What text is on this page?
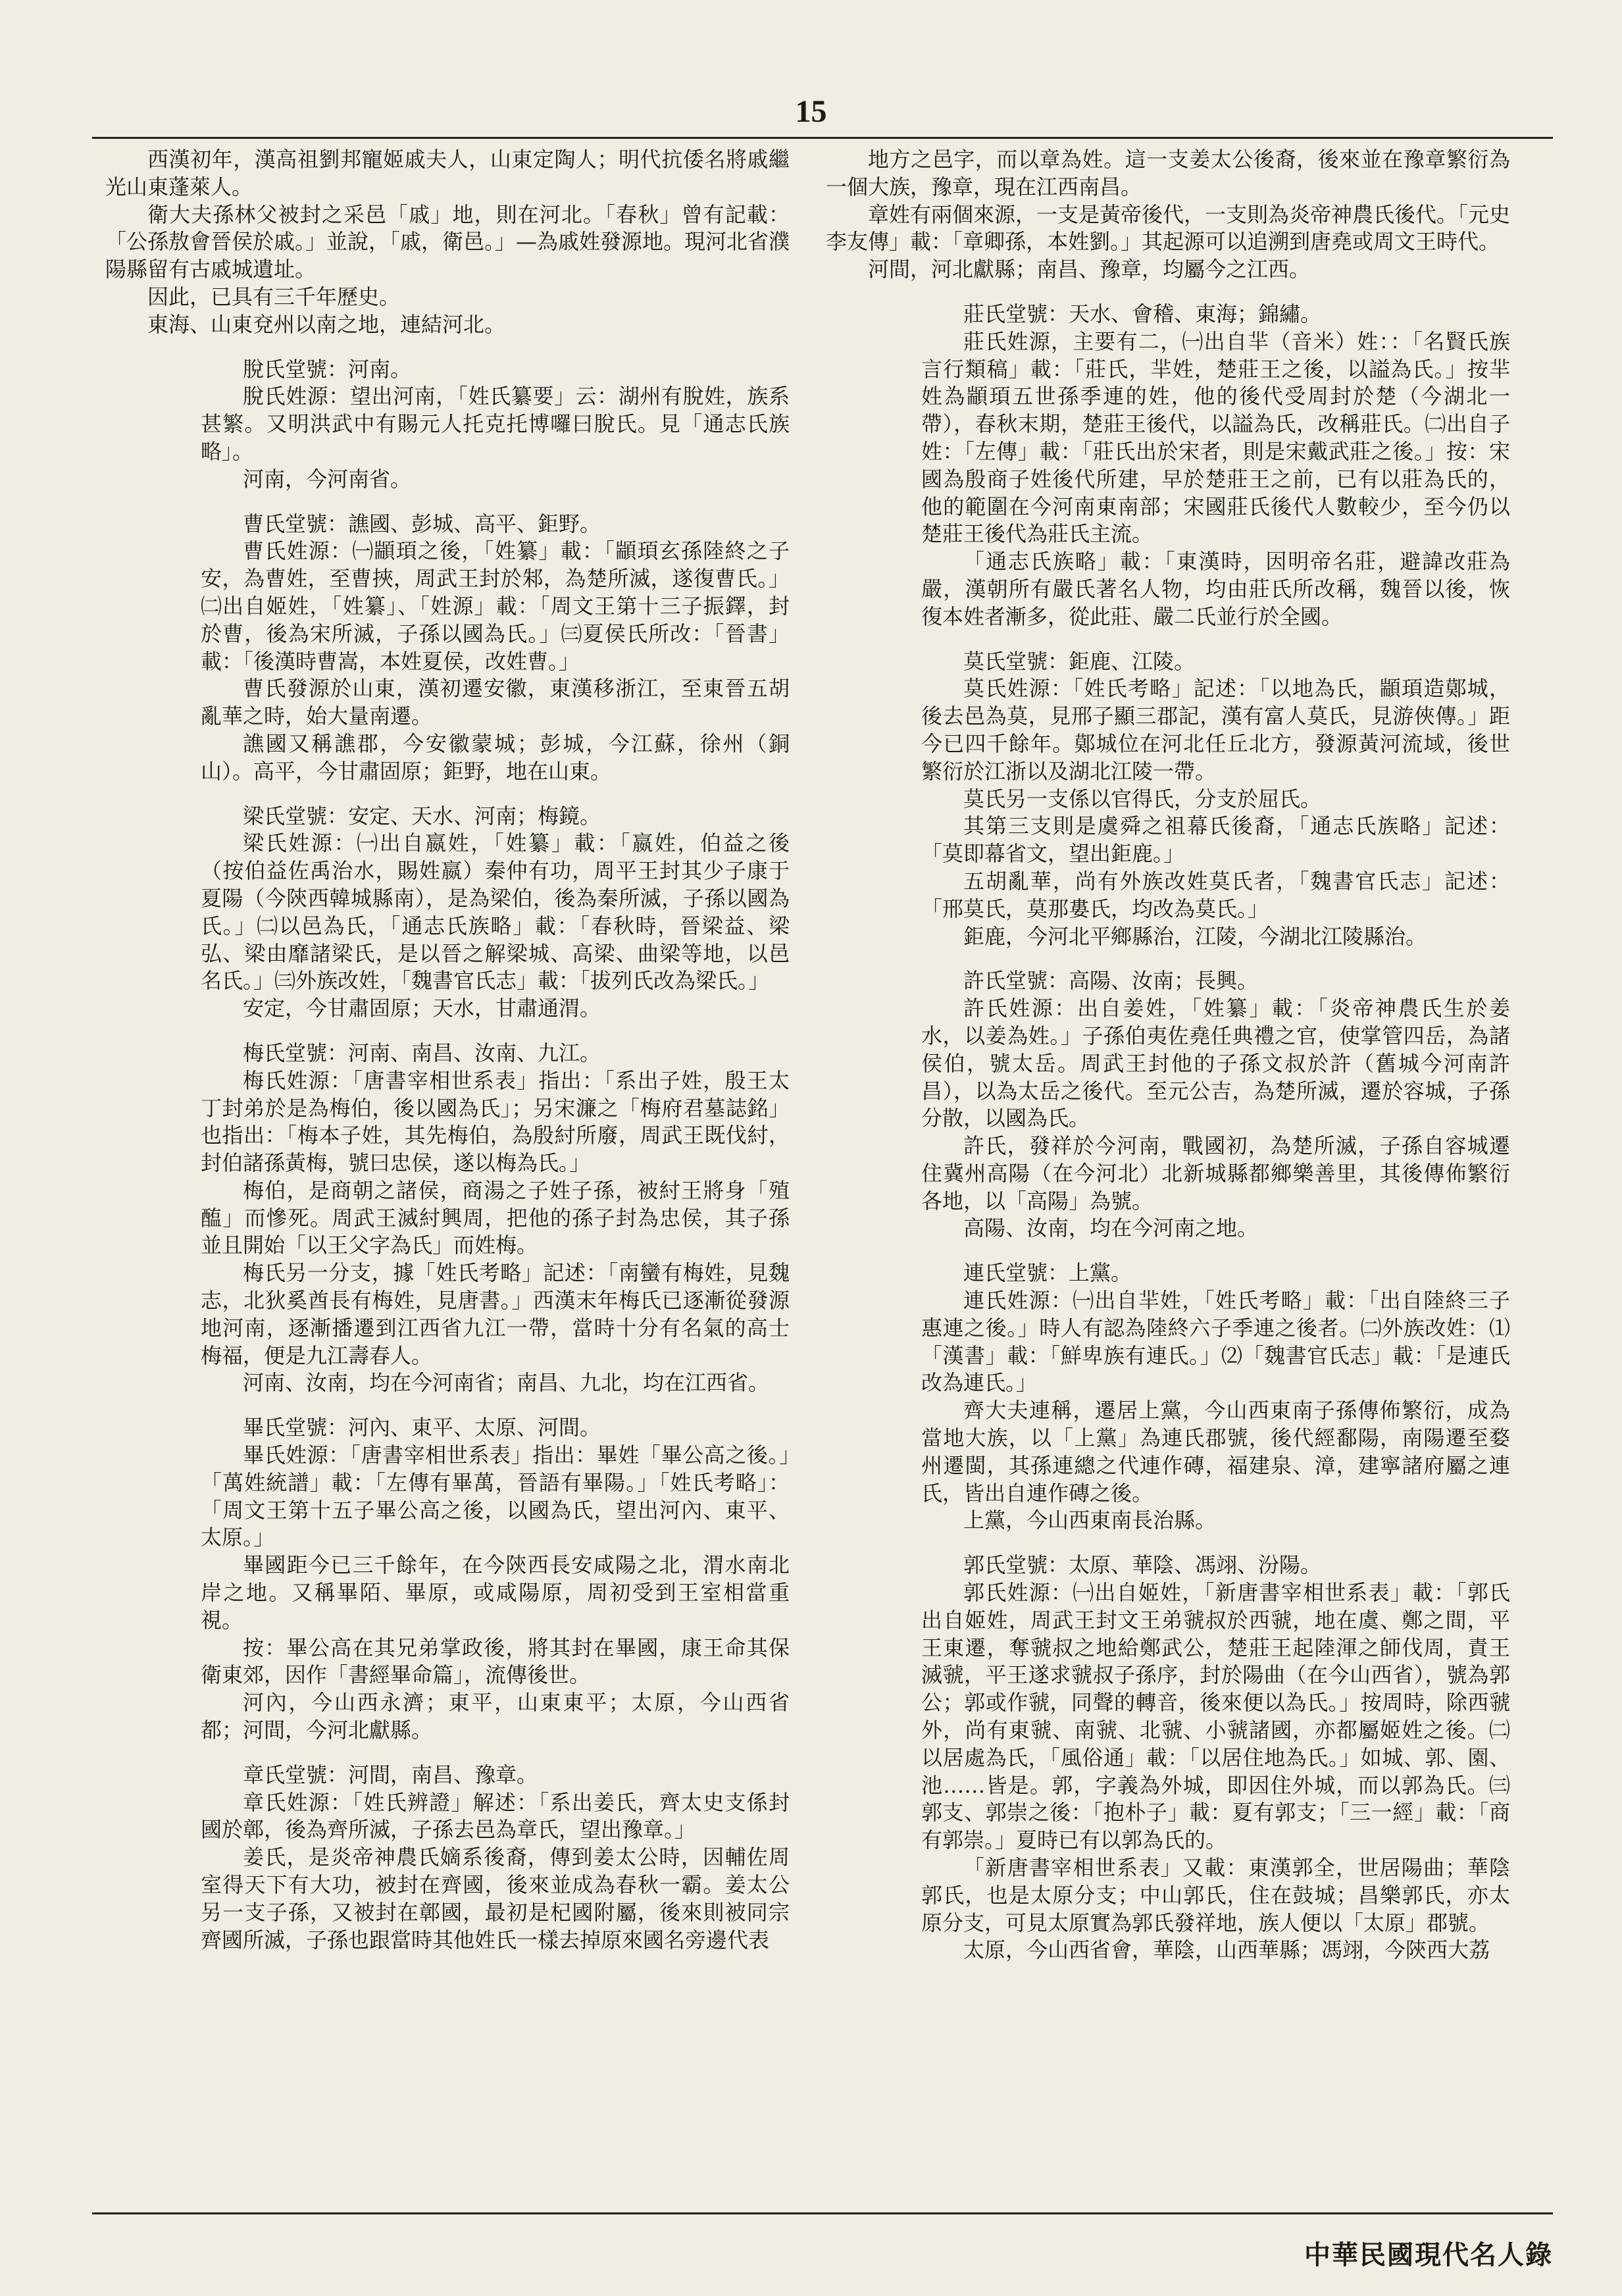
15

西漢初年，漢高祖劉邦寵姬戚夫人，山東定陶人；明代抗倭名將戚繼光山東蓬萊人。

衛大夫孫林父被封之采邑「戚」地，則在河北。「春秋」曾有記載：「公孫敖會晉侯於戚。」並說，「戚，衛邑。」—為戚姓發源地。現河北省濮陽縣留有古戚城遺址。

因此，已具有三千年歷史。

東海、山東兗州以南之地，連結河北。

脫氏堂號：河南。

脫氏姓源：望出河南，「姓氏纂要」云：湖州有脫姓，族系甚繁。又明洪武中有賜元人托克托博囉曰脫氏。見「通志氏族略」。

河南，今河南省。

曹氏堂號：譙國、彭城、高平、鉅野。

曹氏姓源：㈠顓頊之後，「姓纂」載：「顓頊玄孫陸終之子安，為曹姓，至曹挾，周武王封於邾，為楚所滅，遂復曹氏。」㈡出自姬姓，「姓纂」、「姓源」載：「周文王第十三子振鐸，封於曹，後為宋所滅，子孫以國為氏。」㈢夏侯氏所改：「晉書」載：「後漢時曹嵩，本姓夏侯，改姓曹。」

曹氏發源於山東，漢初遷安徽，東漢移浙江，至東晉五胡亂華之時，始大量南遷。

譙國又稱譙郡，今安徽蒙城；彭城，今江蘇，徐州（銅山）。高平，今甘肅固原；鉅野，地在山東。

梁氏堂號：安定、天水、河南；梅鏡。

梁氏姓源：㈠出自嬴姓，「姓纂」載：「嬴姓，伯益之後（按伯益佐禹治水，賜姓嬴）秦仲有功，周平王封其少子康于夏陽（今陝西韓城縣南），是為梁伯，後為秦所滅，子孫以國為氏。」㈡以邑為氏，「通志氏族略」載：「春秋時，晉梁益、梁弘、梁由靡諸梁氏，是以晉之解梁城、高梁、曲梁等地，以邑名氏。」㈢外族改姓，「魏書官氏志」載：「拔列氏改為梁氏。」

安定，今甘肅固原；天水，甘肅通渭。

梅氏堂號：河南、南昌、汝南、九江。

梅氏姓源：「唐書宰相世系表」指出：「系出子姓，殷王太丁封弟於是為梅伯，後以國為氏」；另宋濂之「梅府君墓誌銘」也指出：「梅本子姓，其先梅伯，為殷紂所廢，周武王既伐紂，封伯諸孫黃梅，號曰忠侯，遂以梅為氏。」

梅伯，是商朝之諸侯，商湯之子姓子孫，被紂王將身「殖醢」而慘死。周武王滅紂興周，把他的孫子封為忠侯，其子孫並且開始「以王父字為氏」而姓梅。

梅氏另一分支，據「姓氏考略」記述：「南蠻有梅姓，見魏志，北狄奚酋長有梅姓，見唐書。」西漢末年梅氏已逐漸從發源地河南，逐漸播遷到江西省九江一帶，當時十分有名氣的高士梅福，便是九江壽春人。

河南、汝南，均在今河南省；南昌、九北，均在江西省。

畢氏堂號：河內、東平、太原、河間。

畢氏姓源：「唐書宰相世系表」指出：畢姓「畢公高之後。」「萬姓統譜」載：「左傳有畢萬，晉語有畢陽。」「姓氏考略」：「周文王第十五子畢公高之後，以國為氏，望出河內、東平、太原。」

畢國距今已三千餘年，在今陝西長安咸陽之北，渭水南北岸之地。又稱畢陌、畢原，或咸陽原，周初受到王室相當重視。

按：畢公高在其兄弟掌政後，將其封在畢國，康王命其保衛東郊，因作「書經畢命篇」，流傳後世。

河內，今山西永濟；東平，山東東平；太原，今山西省都；河間，今河北獻縣。

章氏堂號：河間，南昌、豫章。

章氏姓源：「姓氏辨證」解述：「系出姜氏，齊太史支係封國於鄣，後為齊所滅，子孫去邑為章氏，望出豫章。」

姜氏，是炎帝神農氏嫡系後裔，傳到姜太公時，因輔佐周室得天下有大功，被封在齊國，後來並成為春秋一霸。姜太公另一支子孫，又被封在鄣國，最初是杞國附屬，後來則被同宗齊國所滅，子孫也跟當時其他姓氏一樣去掉原來國名旁邊代表

地方之邑字，而以章為姓。這一支姜太公後裔，後來並在豫章繁衍為一個大族，豫章，現在江西南昌。

章姓有兩個來源，一支是黃帝後代，一支則為炎帝神農氏後代。「元史李友傳」載：「章卿孫，本姓劉。」其起源可以追溯到唐堯或周文王時代。

河間，河北獻縣；南昌、豫章，均屬今之江西。

莊氏堂號：天水、會稽、東海；錦繡。

莊氏姓源，主要有二，㈠出自羋（音米）姓：：「名賢氏族言行類稿」載：「莊氏，羋姓，楚莊王之後，以謚為氏。」按羋姓為顓頊五世孫季連的姓，他的後代受周封於楚（今湖北一帶），春秋末期，楚莊王後代，以謚為氏，改稱莊氏。㈡出自子姓：「左傳」載：「莊氏出於宋者，則是宋戴武莊之後。」按：宋國為殷商子姓後代所建，早於楚莊王之前，已有以莊為氏的，他的範圍在今河南東南部；宋國莊氏後代人數較少，至今仍以楚莊王後代為莊氏主流。

「通志氏族略」載：「東漢時，因明帝名莊，避諱改莊為嚴，漢朝所有嚴氏著名人物，均由莊氏所改稱，魏晉以後，恢復本姓者漸多，從此莊、嚴二氏並行於全國。

莫氏堂號：鉅鹿、江陵。

莫氏姓源：「姓氏考略」記述：「以地為氏，顓頊造鄚城，後去邑為莫，見邢子顯三郡記，漢有富人莫氏，見游俠傳。」距今已四千餘年。鄚城位在河北任丘北方，發源黃河流域，後世繁衍於江浙以及湖北江陵一帶。

莫氏另一支係以官得氏，分支於屈氏。

其第三支則是虞舜之祖幕氏後裔，「通志氏族略」記述：「莫即幕省文，望出鉅鹿。」

五胡亂華，尚有外族改姓莫氏者，「魏書官氏志」記述：「邢莫氏，莫那婁氏，均改為莫氏。」

鉅鹿，今河北平鄉縣治，江陵，今湖北江陵縣治。

許氏堂號：高陽、汝南；長興。

許氏姓源：出自姜姓，「姓纂」載：「炎帝神農氏生於姜水，以姜為姓。」子孫伯夷佐堯任典禮之官，使掌管四岳，為諸侯伯，號太岳。周武王封他的子孫文叔於許（舊城今河南許昌），以為太岳之後代。至元公吉，為楚所滅，遷於容城，子孫分散，以國為氏。

許氏，發祥於今河南，戰國初，為楚所滅，子孫自容城遷住冀州高陽（在今河北）北新城縣都鄉樂善里，其後傳佈繁衍各地，以「高陽」為號。

高陽、汝南，均在今河南之地。

連氏堂號：上黨。

連氏姓源：㈠出自羋姓，「姓氏考略」載：「出自陸終三子惠連之後。」時人有認為陸終六子季連之後者。㈡外族改姓：⑴「漢書」載：「鮮卑族有連氏。」⑵「魏書官氏志」載：「是連氏改為連氏。」

齊大夫連稱，遷居上黨，今山西東南子孫傳佈繁衍，成為當地大族，以「上黨」為連氏郡號，後代經鄱陽，南陽遷至婺州遷閩，其孫連總之代連作磚，福建泉、漳，建寧諸府屬之連氏，皆出自連作磚之後。

上黨，今山西東南長治縣。

郭氏堂號：太原、華陰、馮翊、汾陽。

郭氏姓源：㈠出自姬姓，「新唐書宰相世系表」載：「郭氏出自姬姓，周武王封文王弟虢叔於西虢，地在虞、鄭之間，平王東遷，奪虢叔之地給鄭武公，楚莊王起陸渾之師伐周，責王滅虢，平王遂求虢叔子孫序，封於陽曲（在今山西省），號為郭公；郭或作虢，同聲的轉音，後來便以為氏。」按周時，除西虢外，尚有東虢、南虢、北虢、小虢諸國，亦都屬姬姓之後。㈡以居處為氏，「風俗通」載：「以居住地為氏。」如城、郭、園、池……皆是。郭，字義為外城，即因住外城，而以郭為氏。㈢郭支、郭崇之後：「抱朴子」載：夏有郭支；「三一經」載：「商有郭崇。」夏時已有以郭為氏的。

「新唐書宰相世系表」又載：東漢郭全，世居陽曲；華陰郭氏，也是太原分支；中山郭氏，住在鼓城；昌樂郭氏，亦太原分支，可見太原實為郭氏發祥地，族人便以「太原」郡號。

太原，今山西省會，華陰，山西華縣；馮翊，今陝西大荔

中華民國現代名人錄
